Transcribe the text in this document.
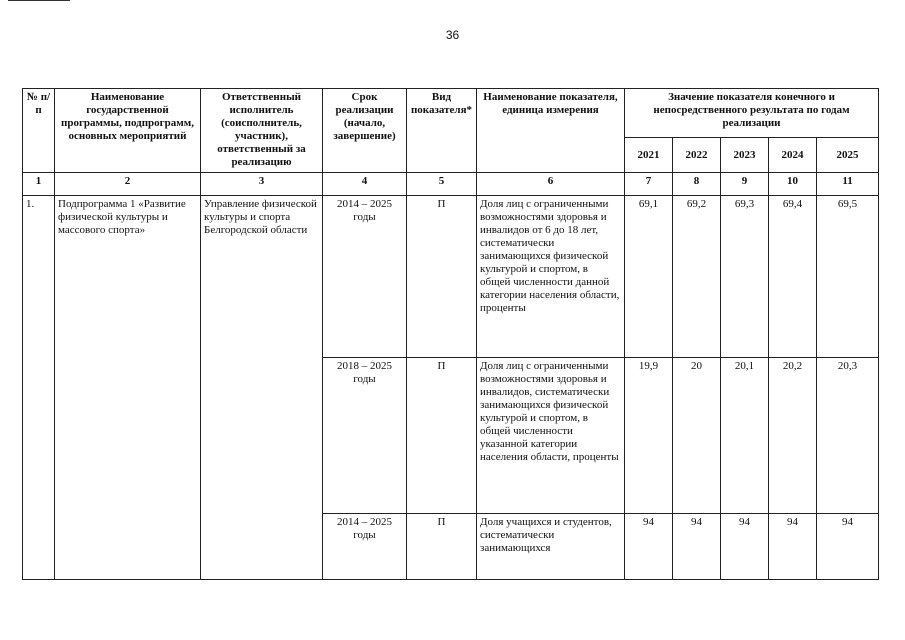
36
№ п/п	Наименование государственной программы, подпрограмм, основных мероприятий	Ответственный исполнитель (соисполнитель, участник), ответственный за реализацию	Срок реализации (начало, завершение)	Вид показателя*	Наименование показателя, единица измерения	Значение показателя конечного и непосредственного результата по годам реализации				
						2021	2022	2023	2024	2025
1	2	3	4	5	6	7	8	9	10	11
1.	Подпрограмма 1 «Развитие физической культуры и массового спорта»	Управление физической культуры и спорта Белгородской области	2014 – 2025 годы	П	Доля лиц с ограниченными возможностями здоровья и инвалидов от 6 до 18 лет, систематически занимающихся физической культурой и спортом, в общей численности данной категории населения области, проценты	69,1	69,2	69,3	69,4	69,5
			2018 – 2025 годы	П	Доля лиц с ограниченными возможностями здоровья и инвалидов, систематически занимающихся физической культурой и спортом, в общей численности указанной категории населения области, проценты	19,9	20	20,1	20,2	20,3
			2014 – 2025 годы	П	Доля учащихся и студентов, систематически занимающихся	94	94	94	94	94
